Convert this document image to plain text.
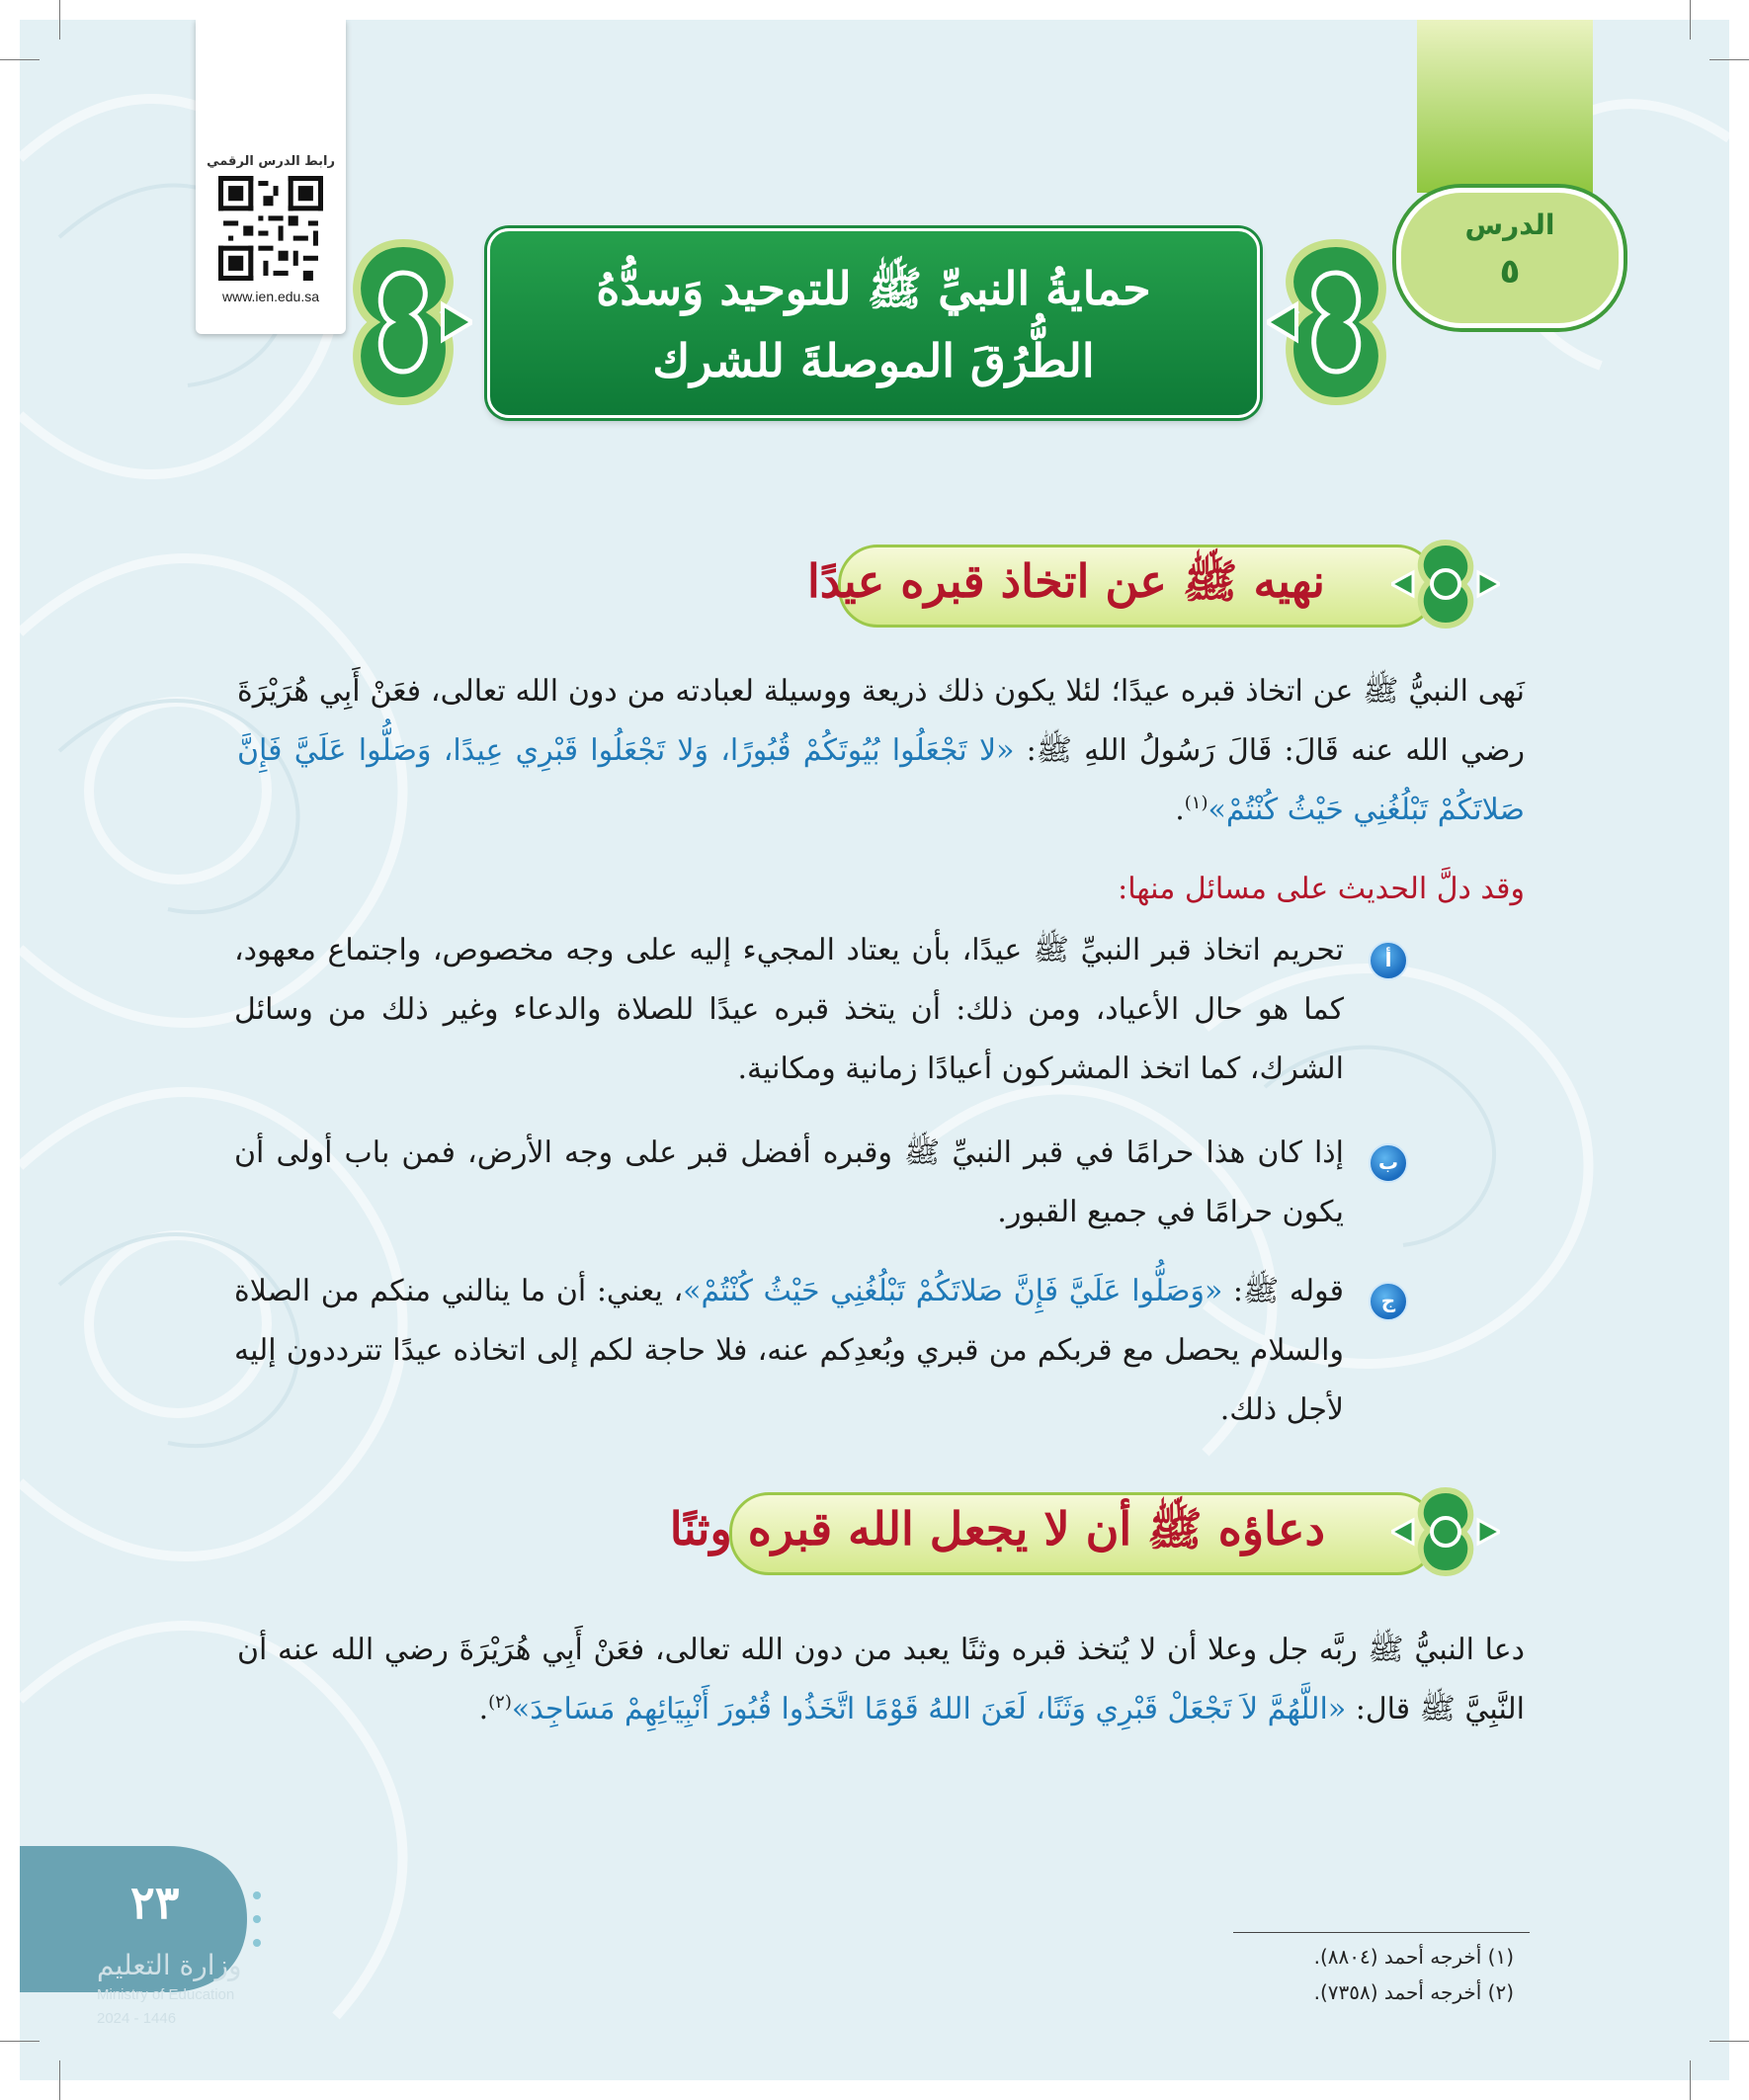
رابط الدرس الرقمي
www.ien.edu.sa
الدرس
٥
حمايةُ النبيِّ ﷺ للتوحيد وَسدُّهُ
الطُّرُقَ الموصلةَ للشرك
نهيه ﷺ عن اتخاذ قبره عيدًا
نَهى النبيُّ ﷺ عن اتخاذ قبره عيدًا؛ لئلا يكون ذلك ذريعة ووسيلة لعبادته من دون الله تعالى، فعَنْ أَبِي هُرَيْرَةَ رضي الله عنه قَالَ: قَالَ رَسُولُ اللهِ ﷺ: «لا تَجْعَلُوا بُيُوتَكُمْ قُبُورًا، وَلا تَجْعَلُوا قَبْرِي عِيدًا، وَصَلُّوا عَلَيَّ فَإِنَّ صَلاتَكُمْ تَبْلُغُنِي حَيْثُ كُنْتُمْ»$^{(١)}$.
وقد دلَّ الحديث على مسائل منها:
أ
تحريم اتخاذ قبر النبيِّ ﷺ عيدًا، بأن يعتاد المجيء إليه على وجه مخصوص، واجتماع معهود، كما هو حال الأعياد، ومن ذلك: أن يتخذ قبره عيدًا للصلاة والدعاء وغير ذلك من وسائل الشرك، كما اتخذ المشركون أعيادًا زمانية ومكانية.
ب
إذا كان هذا حرامًا في قبر النبيِّ ﷺ وقبره أفضل قبر على وجه الأرض، فمن باب أولى أن يكون حرامًا في جميع القبور.
ج
قوله ﷺ: «وَصَلُّوا عَلَيَّ فَإِنَّ صَلاتَكُمْ تَبْلُغُنِي حَيْثُ كُنْتُمْ»، يعني: أن ما ينالني منكم من الصلاة والسلام يحصل مع قربكم من قبري وبُعدِكم عنه، فلا حاجة لكم إلى اتخاذه عيدًا تترددون إليه لأجل ذلك.
دعاؤه ﷺ أن لا يجعل الله قبره وثنًا
دعا النبيُّ ﷺ ربَّه جل وعلا أن لا يُتخذ قبره وثنًا يعبد من دون الله تعالى، فعَنْ أَبِي هُرَيْرَةَ رضي الله عنه أن النَّبِيَّ ﷺ قال: «اللَّهُمَّ لاَ تَجْعَلْ قَبْرِي وَثَنًا، لَعَنَ اللهُ قَوْمًا اتَّخَذُوا قُبُورَ أَنْبِيَائِهِمْ مَسَاجِدَ»$^{(٢)}$.
٢٣
وزارة التعليم
Ministry of Education
2024 - 1446
(١) أخرجه أحمد (٨٨٠٤).
(٢) أخرجه أحمد (٧٣٥٨).
